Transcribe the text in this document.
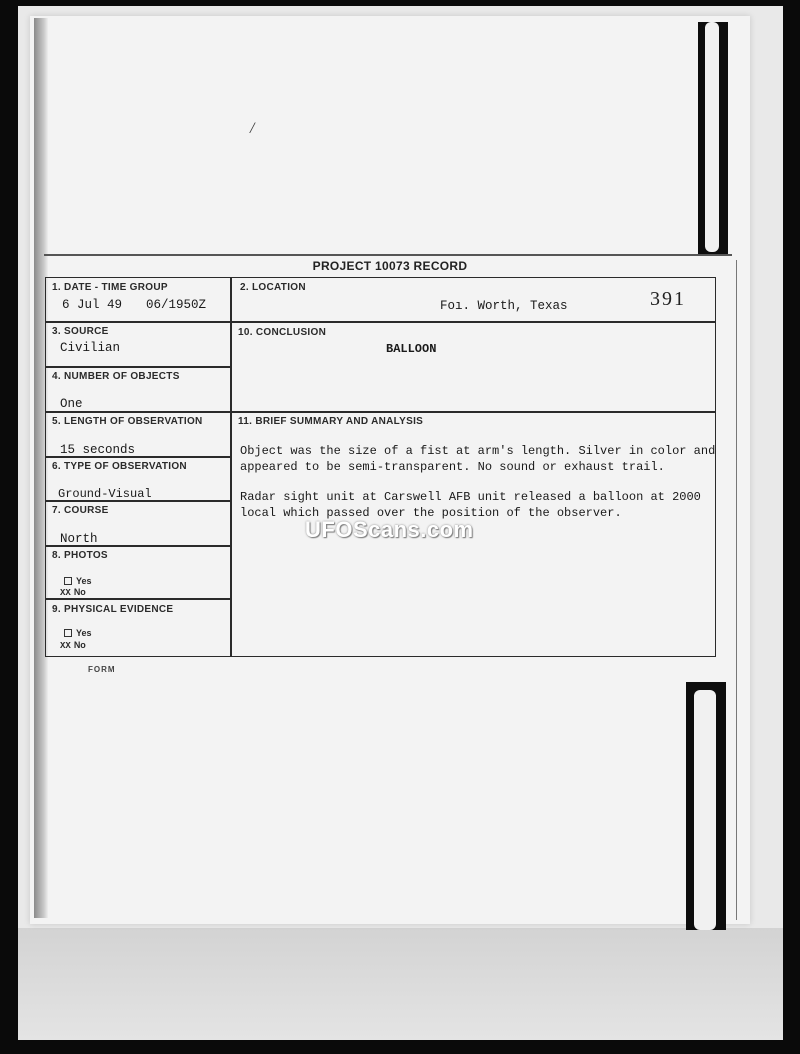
/
PROJECT 10073 RECORD
1. DATE - TIME GROUP
6 Jul 49 06/1950Z
2. LOCATION
Foı. Worth, Texas	391
3. SOURCE
Civilian
10. CONCLUSION
BALLOON
4. NUMBER OF OBJECTS
One
5. LENGTH OF OBSERVATION
15 seconds
11. BRIEF SUMMARY AND ANALYSIS

Object was the size of a fist at arm's length. Silver in color and appeared to be semi-transparent. No sound or exhaust trail.

Radar sight unit at Carswell AFB unit released a balloon at 2000 local which passed over the position of the observer.

6. TYPE OF OBSERVATION
Ground-Visual
7. COURSE
North
8. PHOTOS
Yes
XX No
9. PHYSICAL EVIDENCE
Yes
XX No
FORM
UFOScans.com
